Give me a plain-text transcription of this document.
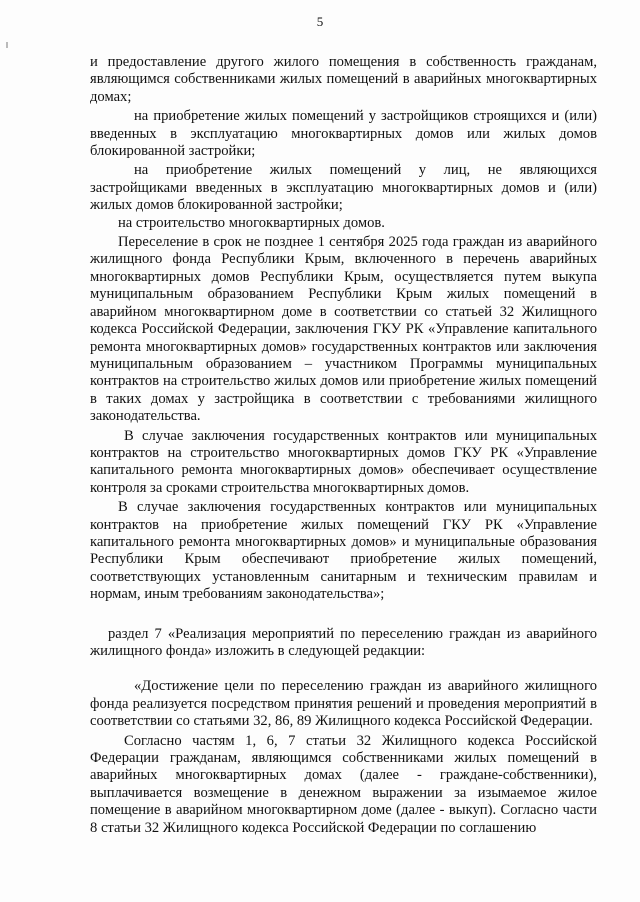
5

и предоставление другого жилого помещения в собственность гражданам, являющимся собственниками жилых помещений в аварийных многоквартирных домах;

на приобретение жилых помещений у застройщиков строящихся и (или) введенных в эксплуатацию многоквартирных домов или жилых домов блокированной застройки;

на приобретение жилых помещений у лиц, не являющихся застройщиками введенных в эксплуатацию многоквартирных домов и (или) жилых домов блокированной застройки;

на строительство многоквартирных домов.

Переселение в срок не позднее 1 сентября 2025 года граждан из аварийного жилищного фонда Республики Крым, включенного в перечень аварийных многоквартирных домов Республики Крым, осуществляется путем выкупа муниципальным образованием Республики Крым жилых помещений в аварийном многоквартирном доме в соответствии со статьей 32 Жилищного кодекса Российской Федерации, заключения ГКУ РК «Управление капитального ремонта многоквартирных домов» государственных контрактов или заключения муниципальным образованием – участником Программы муниципальных контрактов на строительство жилых домов или приобретение жилых помещений в таких домах у застройщика в соответствии с требованиями жилищного законодательства.

В случае заключения государственных контрактов или муниципальных контрактов на строительство многоквартирных домов ГКУ РК «Управление капитального ремонта многоквартирных домов» обеспечивает осуществление контроля за сроками строительства многоквартирных домов.

В случае заключения государственных контрактов или муниципальных контрактов на приобретение жилых помещений ГКУ РК «Управление капитального ремонта многоквартирных домов» и муниципальные образования Республики Крым обеспечивают приобретение жилых помещений, соответствующих установленным санитарным и техническим правилам и нормам, иным требованиям законодательства»;

раздел 7 «Реализация мероприятий по переселению граждан из аварийного жилищного фонда» изложить в следующей редакции:

«Достижение цели по переселению граждан из аварийного жилищного фонда реализуется посредством принятия решений и проведения мероприятий в соответствии со статьями 32, 86, 89 Жилищного кодекса Российской Федерации.

Согласно частям 1, 6, 7 статьи 32 Жилищного кодекса Российской Федерации гражданам, являющимся собственниками жилых помещений в аварийных многоквартирных домах (далее - граждане-собственники), выплачивается возмещение в денежном выражении за изымаемое жилое помещение в аварийном многоквартирном доме (далее - выкуп). Согласно части 8 статьи 32 Жилищного кодекса Российской Федерации по соглашению
